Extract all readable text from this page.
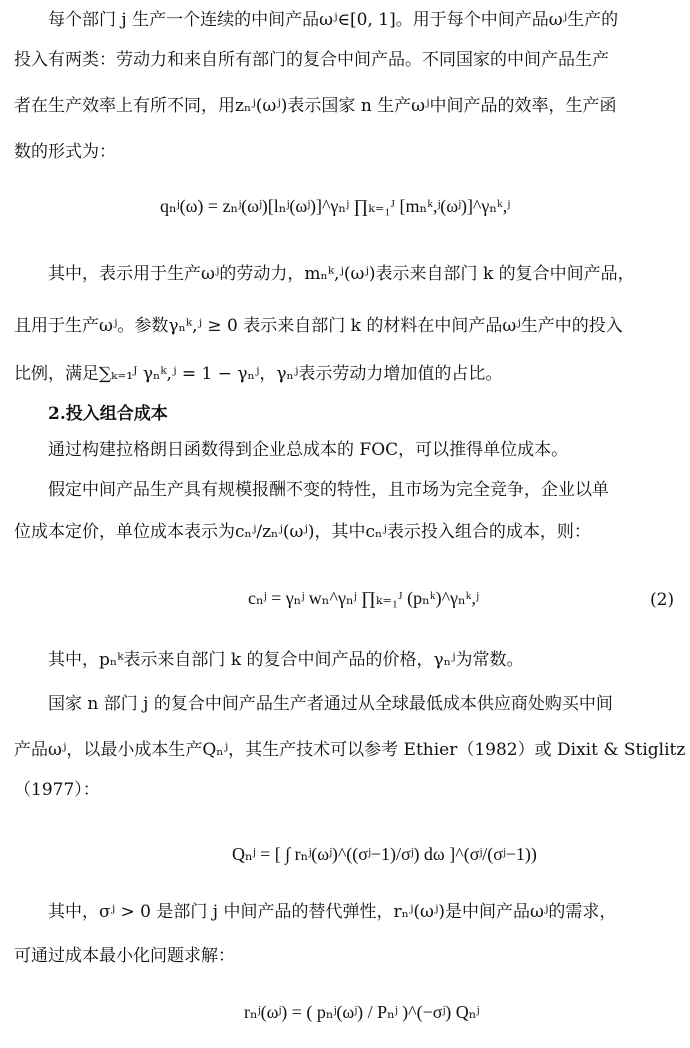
每个部门 j 生产一个连续的中间产品ωʲ∈[0, 1]。用于每个中间产品ωʲ生产的
投入有两类：劳动力和来自所有部门的复合中间产品。不同国家的中间产品生产
者在生产效率上有所不同，用zₙʲ(ωʲ)表示国家 n 生产ωʲ中间产品的效率，生产函
数的形式为：
qₙʲ(ω) = zₙʲ(ωʲ)[lₙʲ(ωʲ)]^γₙʲ ∏ₖ₌₁ᴶ [mₙᵏ,ʲ(ωʲ)]^γₙᵏ,ʲ
其中，表示用于生产ωʲ的劳动力，mₙᵏ,ʲ(ωʲ)表示来自部门 k 的复合中间产品，
且用于生产ωʲ。参数γₙᵏ,ʲ ≥ 0 表示来自部门 k 的材料在中间产品ωʲ生产中的投入
比例，满足∑ₖ₌₁ᴶ γₙᵏ,ʲ = 1 − γₙʲ，γₙʲ表示劳动力增加值的占比。
2.投入组合成本
通过构建拉格朗日函数得到企业总成本的 FOC，可以推得单位成本。
假定中间产品生产具有规模报酬不变的特性，且市场为完全竞争，企业以单
位成本定价，单位成本表示为cₙʲ/zₙʲ(ωʲ)，其中cₙʲ表示投入组合的成本，则：
cₙʲ = γₙʲ wₙ^γₙʲ ∏ₖ₌₁ᴶ (pₙᵏ)^γₙᵏ,ʲ	(2)
其中，pₙᵏ表示来自部门 k 的复合中间产品的价格，γₙʲ为常数。
国家 n 部门 j 的复合中间产品生产者通过从全球最低成本供应商处购买中间
产品ωʲ，以最小成本生产Qₙʲ，其生产技术可以参考 Ethier（1982）或 Dixit & Stiglitz
（1977）：
Qₙʲ = [ ∫ rₙʲ(ωʲ)^((σʲ−1)/σʲ) dω ]^(σʲ/(σʲ−1))
其中，σʲ > 0 是部门 j 中间产品的替代弹性，rₙʲ(ωʲ)是中间产品ωʲ的需求，
可通过成本最小化问题求解：
rₙʲ(ωʲ) = ( pₙʲ(ωʲ) / Pₙʲ )^(−σʲ) Qₙʲ
